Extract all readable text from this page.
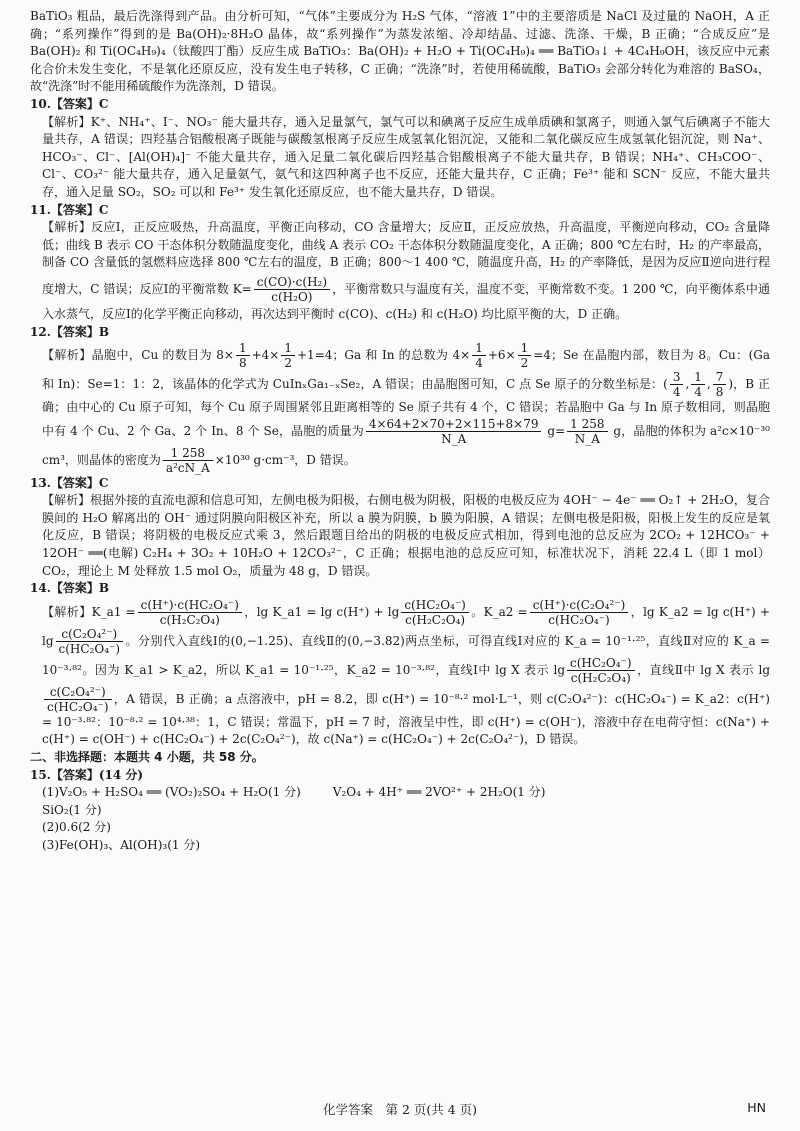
BaTiO₃ 粗品，最后洗涤得到产品。由分析可知，“气体”主要成分为 H₂S 气体，“溶液 1”中的主要溶质是 NaCl 及过量的 NaOH，A 正确；“系列操作”得到的是 Ba(OH)₂·8H₂O 晶体，故“系列操作”为蒸发浓缩、冷却结晶、过滤、洗涤、干燥，B 正确；“合成反应”是 Ba(OH)₂ 和 Ti(OC₄H₉)₄（钛酸四丁酯）反应生成 BaTiO₃：Ba(OH)₂ + H₂O + Ti(OC₄H₉)₄ ══ BaTiO₃↓ + 4C₄H₉OH，该反应中元素化合价未发生变化，不是氧化还原反应，没有发生电子转移，C 正确；“洗涤”时，若使用稀硫酸，BaTiO₃ 会部分转化为难溶的 BaSO₄，故“洗涤”时不能用稀硫酸作为洗涤剂，D 错误。

10.【答案】C

【解析】K⁺、NH₄⁺、I⁻、NO₃⁻ 能大量共存，通入足量氯气，氯气可以和碘离子反应生成单质碘和氯离子，则通入氯气后碘离子不能大量共存，A 错误；四羟基合铝酸根离子既能与碳酸氢根离子反应生成氢氧化铝沉淀，又能和二氧化碳反应生成氢氧化铝沉淀，则 Na⁺、HCO₃⁻、Cl⁻、[Al(OH)₄]⁻ 不能大量共存，通入足量二氧化碳后四羟基合铝酸根离子不能大量共存，B 错误；NH₄⁺、CH₃COO⁻、Cl⁻、CO₃²⁻ 能大量共存，通入足量氨气，氨气和这四种离子也不反应，还能大量共存，C 正确；Fe³⁺ 能和 SCN⁻ 反应，不能大量共存，通入足量 SO₂，SO₂ 可以和 Fe³⁺ 发生氧化还原反应，也不能大量共存，D 错误。

11.【答案】C

【解析】反应Ⅰ，正反应吸热，升高温度，平衡正向移动，CO 含量增大；反应Ⅱ，正反应放热，升高温度，平衡逆向移动，CO₂ 含量降低；曲线 B 表示 CO 干态体积分数随温度变化，曲线 A 表示 CO₂ 干态体积分数随温度变化，A 正确；800 ℃左右时，H₂ 的产率最高，制备 CO 含量低的氢燃料应选择 800 ℃左右的温度，B 正确；800～1 400 ℃，随温度升高，H₂ 的产率降低，是因为反应Ⅱ逆向进行程度增大，C 错误；反应Ⅰ的平衡常数 $K= \frac{\text{c(CO)·c(H₂)}}{\text{c(H₂O)}}$ ，平衡常数只与温度有关，温度不变，平衡常数不变。1 200 ℃，向平衡体系中通入水蒸气，反应Ⅰ的化学平衡正向移动，再次达到平衡时 c(CO)、c(H₂) 和 c(H₂O) 均比原平衡的大，D 正确。

12.【答案】B

【解析】晶胞中，Cu 的数目为 $8\times \frac{1}{8} +4\times \frac{1}{2} +1=4$；Ga 和 In 的总数为 $4\times \frac{1}{4} +6\times \frac{1}{2} =4$；Se 在晶胞内部，数目为 8。Cu：(Ga 和 In)：Se=1：1：2，该晶体的化学式为 CuInₓGa₁₋ₓSe₂，A 错误；由晶胞图可知，C 点 Se 原子的分数坐标是：( $\frac{3}{4}$ , $\frac{1}{4}$ , $\frac{7}{8}$ )，B 正确；由中心的 Cu 原子可知，每个 Cu 原子周围紧邻且距离相等的 Se 原子共有 4 个，C 错误；若晶胞中 Ga 与 In 原子数相同，则晶胞中有 4 个 Cu、2 个 Ga、2 个 In、8 个 Se，晶胞的质量为 $\frac{4\times 64+2\times 70+2\times 115+8\times 79}{N\_A} g= \frac{1 258}{N\_A}$ g，晶胞的体积为 a²c×10⁻³⁰ cm³，则晶体的密度为 $\frac{1 258}{\text{a²cN\_A}} \times 10^{30}$ g·cm⁻³，D 错误。

13.【答案】C

【解析】根据外接的直流电源和信息可知，左侧电极为阳极，右侧电极为阴极，阳极的电极反应为 4OH⁻ − 4e⁻ ══ O₂↑ + 2H₂O，复合膜间的 H₂O 解离出的 OH⁻ 通过阴膜向阳极区补充，所以 a 膜为阴膜，b 膜为阳膜，A 错误；左侧电极是阳极，阳极上发生的反应是氧化反应，B 错误；将阴极的电极反应式乘 3，然后跟题目给出的阴极的电极反应式相加，得到电池的总反应为 2CO₂ + 12HCO₃⁻ + 12OH⁻ ══(电解) C₂H₄ + 3O₂ + 10H₂O + 12CO₃²⁻，C 正确；根据电池的总反应可知，标准状况下，消耗 22.4 L（即 1 mol）CO₂，理论上 M 处释放 1.5 mol O₂，质量为 48 g，D 错误。

14.【答案】B

【解析】K_a1 = $\frac{\text{c(H⁺)·c(HC₂O₄⁻)}}{\text{c(H₂C₂O₄)}}$ ，lg K_a1 = $\lg c(H^+) + \lg \frac{\text{c(HC₂O₄⁻)}}{\text{c(H₂C₂O₄)}}$ 。K_a2 = $\frac{\text{c(H⁺)·c(C₂O₄²⁻)}}{\text{c(HC₂O₄⁻)}}$ ，lg K_a2 = $\lg c(H^+) + \lg \frac{\text{c(C₂O₄²⁻)}}{\text{c(HC₂O₄⁻)}}$ 。分别代入直线Ⅰ的(0,−1.25)、直线Ⅱ的(0,−3.82)两点坐标，可得直线Ⅰ对应的 K_a = 10⁻¹·²⁵，直线Ⅱ对应的 K_a = 10⁻³·⁸²。因为 K_a1 > K_a2，所以 K_a1 = 10⁻¹·²⁵，K_a2 = 10⁻³·⁸²，直线Ⅰ中 lg X 表示 $\lg \frac{\text{c(HC₂O₄⁻)}}{\text{c(H₂C₂O₄)}}$ ，直线Ⅱ中 lg X 表示 lg
$\frac{\text{c(C₂O₄²⁻)}}{\text{c(HC₂O₄⁻)}}$ ，A 错误，B 正确；a 点溶液中，pH = 8.2，即 c(H⁺) = 10⁻⁸·² mol·L⁻¹，则 c(C₂O₄²⁻)：c(HC₂O₄⁻) = K_a2：c(H⁺) = 10⁻³·⁸²：10⁻⁸·² = 10⁴·³⁸：1，C 错误；常温下，pH = 7 时，溶液呈中性，即 c(H⁺) = c(OH⁻)，溶液中存在电荷守恒：c(Na⁺) + c(H⁺) = c(OH⁻) + c(HC₂O₄⁻) + 2c(C₂O₄²⁻)，故 c(Na⁺) = c(HC₂O₄⁻) + 2c(C₂O₄²⁻)，D 错误。

二、非选择题：本题共 4 小题，共 58 分。

15.【答案】(14 分)

(1)V₂O₅ + H₂SO₄ ══ (VO₂)₂SO₄ + H₂O(1 分)	V₂O₄ + 4H⁺ ══ 2VO²⁺ + 2H₂O(1 分)

SiO₂(1 分)

(2)0.6(2 分)

(3)Fe(OH)₃、Al(OH)₃(1 分)

化学答案　第 2 页(共 4 页)	HN
